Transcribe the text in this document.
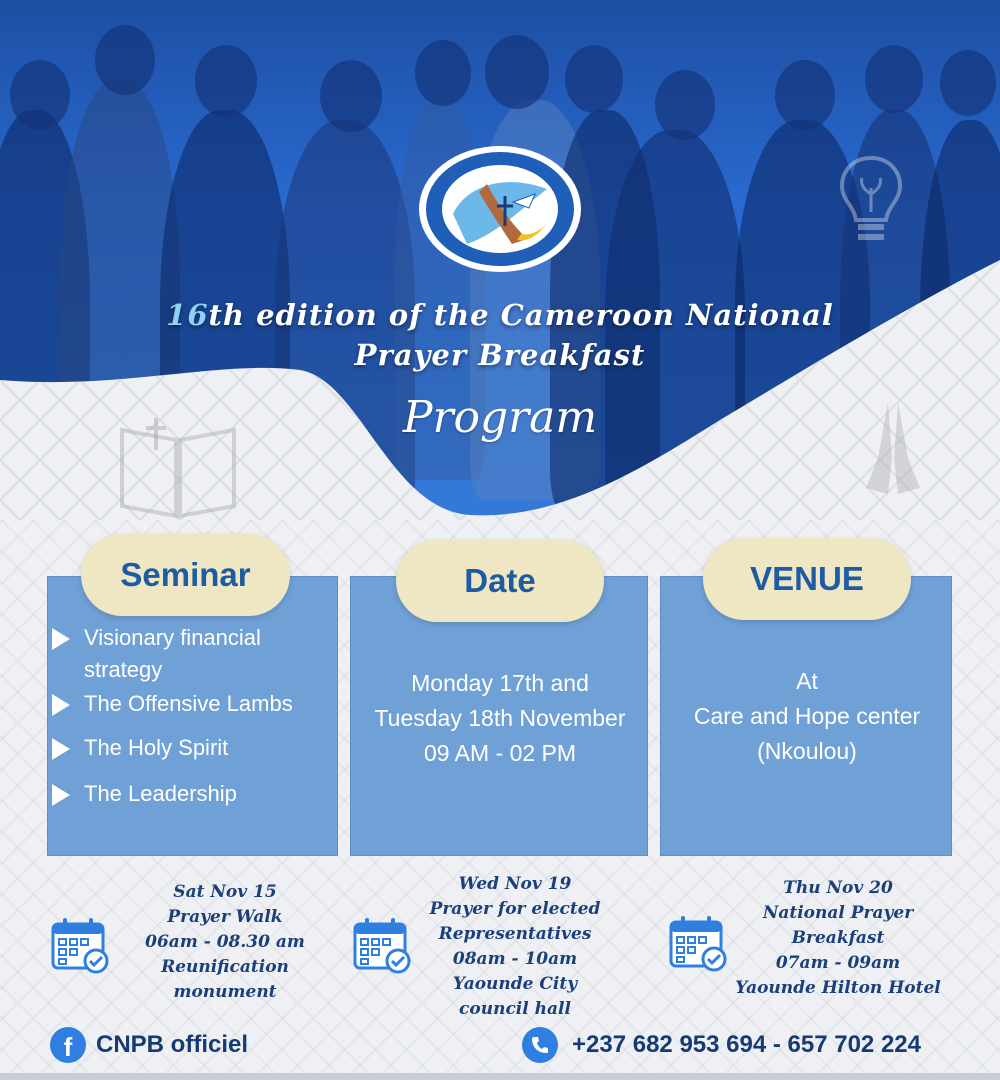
16th edition of the Cameroon National
Prayer Breakfast
Program
Seminar	Date	VENUE
Visionary financial strategy
The Offensive Lambs
The Holy Spirit
The Leadership
Monday 17th and
Tuesday 18th November
09 AM - 02 PM
At
Care and Hope center
(Nkoulou)
Sat Nov 15
Prayer Walk
06am - 08.30 am
Reunification
monument
Wed Nov 19
Prayer for elected
Representatives
08am - 10am
Yaounde City
council hall
Thu Nov 20
National Prayer
Breakfast
07am - 09am
Yaounde Hilton Hotel
f CNPB officiel	+237 682 953 694 - 657 702 224
